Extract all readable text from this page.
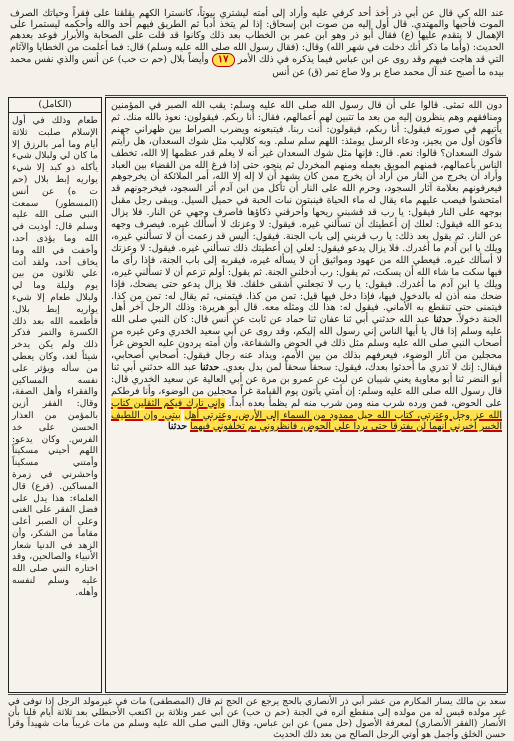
عند الله كي قال عن أبي ذر أخذ أحد كرفي عليه وأراد إلى أمته ليشتري بيوتاً، كانسترا الكهم يقلقنا على فقراً وحياتك الصرف الموت فأحبها والمهتدي. قال أول إليه من صوت ابن إسحاق: إذا لم يتخذ أدباً ثم الطريق فيهم أحد والله وأحكمه ليستمرا على الإهمال لا يتقدم عليها (ع) فقال أبو ذر وهو ابن عمر بن الخطاب بعد ذلك وكانوا قد قلت على الصحابة والأبرار فوعد بعدهم الحديث: (وأما ما ذكر أنك دخلت في شهر الله) وقال: (فقال رسول الله صلى الله عليه وسلم) قال: فما أعلمت من الخطايا والآثام التي قد هاجت فيهم وقد روى عن ابن عباس فيما يذكره في ذلك الأمر ١٧ وأيضاً بلال (حم ت حب) عن أنس والذي نفس محمد بيده ما أصبح عند آل محمد صاع بر ولا صاع تمر (ق) عن أنس

(الكامل)
طعام وذلك في أول الإسلام صلبت ثلاثة أيام وما أمر بالرزق إلا ما كان لي ولبلال شيء يأكله ذو كبد إلا شيء يواريه إبط بلال (حم ت ه) عن أنس (المسطور) سمعت النبي صلى الله عليه وسلم قال: أوذيت في الله وما يؤذى أحد، وأخفت في الله وما يخاف أحد، ولقد أتت علي ثلاثون من بين يوم وليلة وما لي ولبلال طعام إلا شيء يواريه إبط بلال. فأطعمه الله بعد ذلك الكسرة والتمر فذكر ذلك ولم يكن يدخر شيئاً لغد، وكان يعطي من سأله ويؤثر على نفسه المساكين والفقراء وأهل الصفة، وقال: الفقر أزين بالمؤمن من العذار الحسن على خد الفرس. وكان يدعو: اللهم أحيني مسكيناً وأمتني مسكيناً واحشرني في زمرة المساكين. (فرع) قال العلماء: هذا يدل على فضل الفقر على الغنى وعلى أن الصبر أعلى مقاماً من الشكر، وأن الزهد في الدنيا شعار الأنبياء والصالحين، وقد اختاره النبي صلى الله عليه وسلم لنفسه وأهله.
دون الله تمثى. قالوا على أن قال رسول الله صلى الله عليه وسلم: يقب الله الصبر في المؤمنين ومنافقهم وهم ينظرون إليه من بعد ما تتبين لهم أعمالهم، فقال: أنا ربكم. فيقولون: نعوذ بالله منك. ثم يأتيهم في صورته فيقول: أنا ربكم، فيقولون: أنت ربنا. فيتبعونه ويضرب الصراط بين ظهراني جهنم فأكون أول من يجيز، ودعاء الرسل يومئذ: اللهم سلم سلم. وبه كلاليب مثل شوك السعدان، هل رأيتم شوك السعدان؟ قالوا: نعم. قال: فإنها مثل شوك السعدان غير أنه لا يعلم قدر عظمها إلا الله، تخطف الناس بأعمالهم، فمنهم الموبق بعمله ومنهم المخردل ثم ينجو، حتى إذا فرغ الله من القضاء بين العباد وأراد أن يخرج من النار من أراد أن يخرج ممن كان يشهد أن لا إله إلا الله، أمر الملائكة أن يخرجوهم فيعرفونهم بعلامة آثار السجود، وحرم الله على النار أن تأكل من ابن آدم أثر السجود، فيخرجونهم قد امتحشوا فيصب عليهم ماء يقال له ماء الحياة فينبتون نبات الحبة في حميل السيل. ويبقى رجل مقبل بوجهه على النار فيقول: يا رب قد قشبني ريحها وأحرقني ذكاؤها فاصرف وجهي عن النار. فلا يزال يدعو الله فيقول: لعلك إن أعطيتك أن تسألني غيره. فيقول: لا وعزتك لا أسألك غيره. فيصرف وجهه عن النار. ثم يقول بعد ذلك: يا رب قربني إلى باب الجنة. فيقول: أليس قد زعمت أن لا تسألني غيره، ويلك يا ابن آدم ما أغدرك. فلا يزال يدعو فيقول: لعلي إن أعطيتك ذلك تسألني غيره. فيقول: لا وعزتك لا أسألك غيره. فيعطي الله من عهود ومواثيق أن لا يسأله غيره، فيقربه إلى باب الجنة، فإذا رأى ما فيها سكت ما شاء الله أن يسكت، ثم يقول: رب أدخلني الجنة. ثم يقول: أولم تزعم أن لا تسألني غيره، ويلك يا ابن آدم ما أغدرك. فيقول: يا رب لا تجعلني أشقى خلقك. فلا يزال يدعو حتى يضحك، فإذا ضحك منه أذن له بالدخول فيها، فإذا دخل فيها قيل: تمن من كذا. فيتمنى، ثم يقال له: تمن من كذا. فيتمنى حتى تنقطع به الأماني. فيقول له: هذا لك ومثله معه. قال أبو هريرة: وذلك الرجل آخر أهل الجنة دخولاً. حدثنا عبد الله حدثني أبي ثنا عفان ثنا حماد عن ثابت عن أنس قال: كان النبي صلى الله عليه وسلم إذا قال يا أيها الناس إني رسول الله إليكم، وقد روى عن أبي سعيد الخدري وعن غيره من أصحاب النبي صلى الله عليه وسلم مثل ذلك في الحوض والشفاعة، وأن أمته يردون عليه الحوض غراً محجلين من آثار الوضوء، فيعرفهم بذلك من بين الأمم، ويذاد عنه رجال فيقول: أصحابي أصحابي، فيقال: إنك لا تدري ما أحدثوا بعدك، فيقول: سحقاً سحقاً لمن بدل بعدي. حدثنا عبد الله حدثني أبي ثنا أبو النضر ثنا أبو معاوية يعني شيبان عن ليث عن عمرو بن مرة عن أبي العالية عن سعيد الخدري قال: قال رسول الله صلى الله عليه وسلم: إن أمتي يأتون يوم القيامة غراً محجلين من الوضوء، وأنا فرطكم على الحوض، فمن ورده شرب منه ومن شرب منه لم يظمأ بعده أبداً. وإني تارك فيكم الثقلين كتاب الله عز وجل وعترتي، كتاب الله حبل ممدود من السماء إلى الأرض، وعترتي أهل بيتي، وإن اللطيف الخبير أخبرني أنهما لن يفترقا حتى يردا علي الحوض، فانظروني بم تخلفوني فيهما حدثنا
سعد بن مالك يسار المكارم من عشر أبي ذر الأنصاري بالحج يرجع عن الحج ثم قال (المصطفى) مات في غيرمولد الرجل إذا توفى في غير مولده قيس له من مولده إلى منقطع أثره في الجنة (حم ن حب) عن أبي عمر وتلاثة بن اكتعب الأحبطلي بعد ثلاثة أيام قلنا بأن الأنصار (الفقر الأنصاري) لمعرفة الأصول (حل مس) عن ابن عباس، وقال النبي صلى الله عليه وسلم من مات غريباً مات شهيداً وقرأ حسن الخلق وأجمل هو أوتي الرجل الصالح من بعد ذلك الحديث
